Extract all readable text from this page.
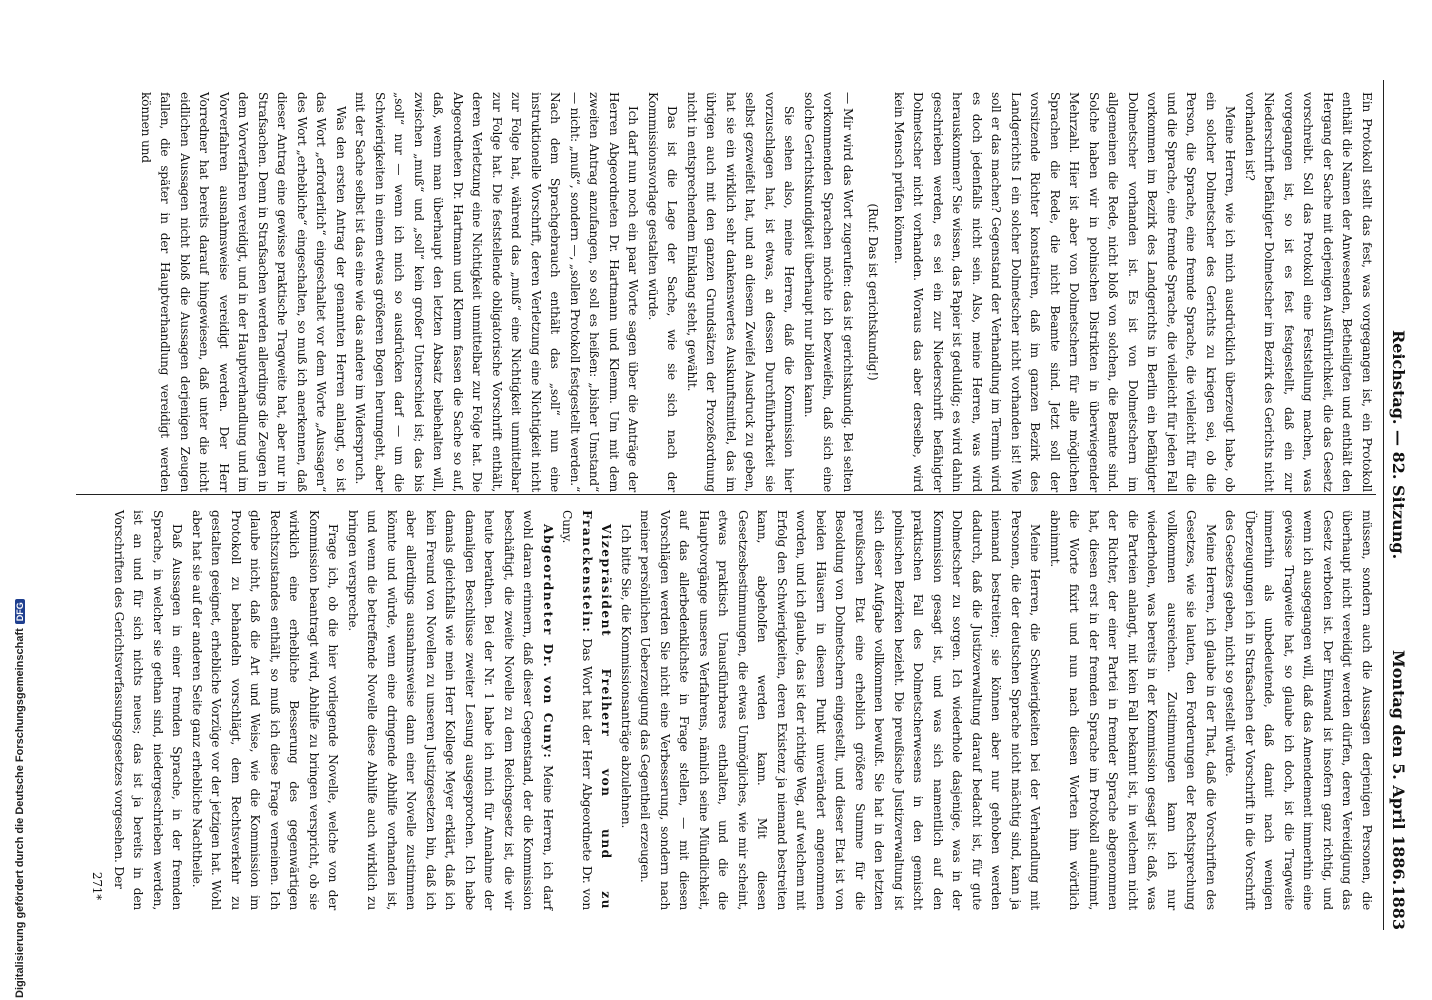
Reichstag. — 82. Sitzung.
Montag den 5. April 1886.
1883

Ein Protokoll stellt das fest, was vorgegangen ist, ein Protokoll enthält die Namen der Anwesenden, Betheiligten und enthält den Hergang der Sache mit derjenigen Ausführlichkeit, die das Gesetz vorschreibt. Soll das Protokoll eine Feststellung machen, was vorgegangen ist, so ist es fest festgestellt, daß ein zur Niederschrift befähigter Dolmetscher im Bezirk des Gerichts nicht vorhanden ist?

Meine Herren, wie ich mich ausdrücklich überzeugt habe, ob ein solcher Dolmetscher des Gerichts zu kriegen sei, ob die Person, die Sprache, eine fremde Sprache, die vielleicht für die und die Sprache, eine fremde Sprache, die vielleicht für jeden Fall vorkommen im Bezirk des Landgerichts in Berlin ein befähigter Dolmetscher vorhanden ist. Es ist von Dolmetschern im allgemeinen die Rede, nicht bloß von solchen, die Beamte sind. Solche haben wir in polnischen Distrikten in überwiegender Mehrzahl. Hier ist aber von Dolmetschern für alle möglichen Sprachen die Rede, die nicht Beamte sind. Jetzt soll der vorsitzende Richter konstatiren, daß im ganzen Bezirk des Landgerichts I ein solcher Dolmetscher nicht vorhanden ist! Wie soll er das machen? Gegenstand der Verhandlung im Termin wird es doch jedenfalls nicht sein. Also, meine Herren, was wird herauskommen? Sie wissen, das Papier ist geduldig; es wird dahin geschrieben werden, es sei ein zur Niederschrift befähigter Dolmetscher nicht vorhanden. Woraus das aber derselbe, wird kein Mensch prüfen können.

(Ruf: Das ist gerichtskundig!)

— Mir wird das Wort zugerufen: das ist gerichtskundig. Bei selten vorkommenden Sprachen möchte ich bezweifeln, daß sich eine solche Gerichtskundigkeit überhaupt nur bilden kann.

Sie sehen also, meine Herren, daß die Kommission hier vorzuschlagen hat, ist etwas, an dessen Durchführbarkeit sie selbst gezweifelt hat, und an diesem Zweifel Ausdruck zu geben, hat sie ein wirklich sehr dankenswertes Auskunftsmittel, das im übrigen auch mit den ganzen Grundsätzen der Prozeßordnung nicht in entsprechendem Einklang steht, gewählt.

Das ist die Lage der Sache, wie sie sich nach der Kommissionsvorlage gestalten würde.

Ich darf nun noch ein paar Worte sagen über die Anträge der Herren Abgeordneten Dr. Hartmann und Klemm. Um mit dem zweiten Antrag anzufangen, so soll es heißen: „bisher Umstand“ — nicht: „muß“, sondern —, „sollen Protokoll festgestellt werden.“ Nach dem Sprachgebrauch enthält das „soll“ nun eine instruktionelle Vorschrift, deren Verletzung eine Nichtigkeit nicht zur Folge hat, während das „muß“ eine Nichtigkeit unmittelbar zur Folge hat. Die feststellende obligatorische Vorschrift enthält, deren Verletzung eine Nichtigkeit unmittelbar zur Folge hat. Die Abgeordneten Dr. Hartmann und Klemm fassen die Sache so auf, daß, wenn man überhaupt den letzten Absatz beibehalten will, zwischen „muß“ und „soll“ kein großer Unterschied ist; das bis „soll“ nur — wenn ich mich so ausdrücken darf — um die Schwierigkeiten in einem etwas größeren Bogen herumgeht, aber mit der Sache selbst ist das eine wie das andere im Widerspruch.

Was den ersten Antrag der genannten Herren anlangt, so ist das Wort „erforderlich“ eingeschaltet vor dem Worte „Aussagen“ des Wort „erhebliche“ eingeschalten, so muß ich anerkennen, daß dieser Antrag eine gewisse praktische Tragweite hat, aber nur in Strafsachen. Denn in Strafsachen werden allerdings die Zeugen in dem Vorverfahren vereidigt, und in der Hauptverhandlung und im Vorverfahren ausnahmsweise vereidigt werden. Der Herr Vorredner hat bereits darauf hingewiesen, daß unter die nicht eidlichen Aussagen nicht bloß die Aussagen derjenigen Zeugen fallen, die später in der Hauptverhandlung vereidigt werden können und

müssen, sondern auch die Aussagen derjenigen Personen, die überhaupt nicht vereidigt werden dürfen, deren Vereidigung das Gesetz verboten ist. Der Einwand ist insofern ganz richtig, und wenn ich ausgegangen will, daß das Amendement immerhin eine gewisse Tragweite hat, so glaube ich doch, ist die Tragweite immerhin als unbedeutende, daß damit nach wenigen Überzeugungen ich in Strafsachen der Vorschrift in die Vorschrift des Gesetzes geben, nicht so gestellt würde.

Meine Herren, ich glaube in der That, daß die Vorschriften des Gesetzes, wie sie lauten, den Forderungen der Rechtsprechung vollkommen ausreichen. Zustimmungen kann ich nur wiederholen, was bereits in der Kommission gesagt ist: daß, was die Parteien anlangt, mit kein Fall bekannt ist, in welchem nicht der Richter, der einer Partei in fremder Sprache abgenommen hat, diesen erst in der fremden Sprache im Protokoll aufnimmt, die Worte fixirt und nun nach diesen Worten ihm wörtlich abnimmt.

Meine Herren, die Schwierigkeiten bei der Verhandlung mit Personen, die der deutschen Sprache nicht mächtig sind, kann ja niemand bestreiten; sie können aber nur gehoben werden dadurch, daß die Justizverwaltung darauf bedacht ist, für gute Dolmetscher zu sorgen. Ich wiederhole dasjenige, was in der Kommission gesagt ist, und was sich namentlich auf den praktischen Fall des Dolmetscherwesens in den gemischt polnischen Bezirken bezieht. Die preußische Justizverwaltung ist sich dieser Aufgabe vollkommen bewußt. Sie hat in den letzten preußischen Etat eine erheblich größere Summe für die Besoldung von Dolmetschern eingestellt, und dieser Etat ist von beiden Häusern in diesem Punkt unverändert angenommen worden, und ich glaube, das ist der richtige Weg, auf welchem mit Erfolg den Schwierigkeiten, deren Existenz ja niemand bestreiten kann, abgeholfen werden kann. Mit diesen Gesetzesbestimmungen, die etwas Unmögliches, wie mir scheint, etwas praktisch Unausführbares enthalten, und die die Hauptvorgänge unseres Verfahrens, nämlich seine Mündlichkeit, auf das allerbedenklichste in Frage stellen, — mit diesen Vorschlägen werden Sie nicht eine Verbesserung, sondern nach meiner persönlichen Ueberzeugung das Gegentheil erzeugen.

Ich bitte Sie, die Kommissionsanträge abzulehnen.

Vizepräsident Freiherr von und zu Franckenstein: Das Wort hat der Herr Abgeordnete Dr. von Cuny.

Abgeordneter Dr. von Cuny: Meine Herren, ich darf wohl daran erinnern, daß dieser Gegenstand, der die Kommission beschäftigt, die zweite Novelle zu dem Reichsgesetz ist, die wir heute berathen. Bei der Nr. 1 habe ich mich für Annahme der damaligen Beschlüsse zweiter Lesung ausgesprochen. Ich habe damals gleichfalls wie mein Herr Kollege Meyer erklärt, daß ich kein Freund von Novellen zu unseren Justizgesetzen bin, daß ich aber allerdings ausnahmsweise dann einer Novelle zustimmen könnte und würde, wenn eine dringende Abhilfe vorhanden ist, und wenn die betreffende Novelle diese Abhilfe auch wirklich zu bringen verspreche.

Frage ich, ob die hier vorliegende Novelle, welche von der Kommission beantragt wird, Abhilfe zu bringen verspricht, ob sie wirklich eine erhebliche Besserung des gegenwärtigen Rechtszustandes enthält, so muß ich diese Frage verneinen. Ich glaube nicht, daß die Art und Weise, wie die Kommission im Protokoll zu behandeln vorschlägt, dem Rechtsverkehr zu gestalten geeignet, erhebliche Vorzüge vor der jetzigen hat. Wohl aber hat sie auf der anderen Seite ganz erhebliche Nachtheile.

Daß Aussagen in einer fremden Sprache, in der fremden Sprache, in welcher sie gethan sind, niedergeschrieben werden, ist an und für sich nichts neues; das ist ja bereits in den Vorschriften des Gerichtsverfassungsgesetzes vorgesehen. Der

271*
Digitalisierung gefördert durch die Deutsche ForschungsgemeinschaftDFG
